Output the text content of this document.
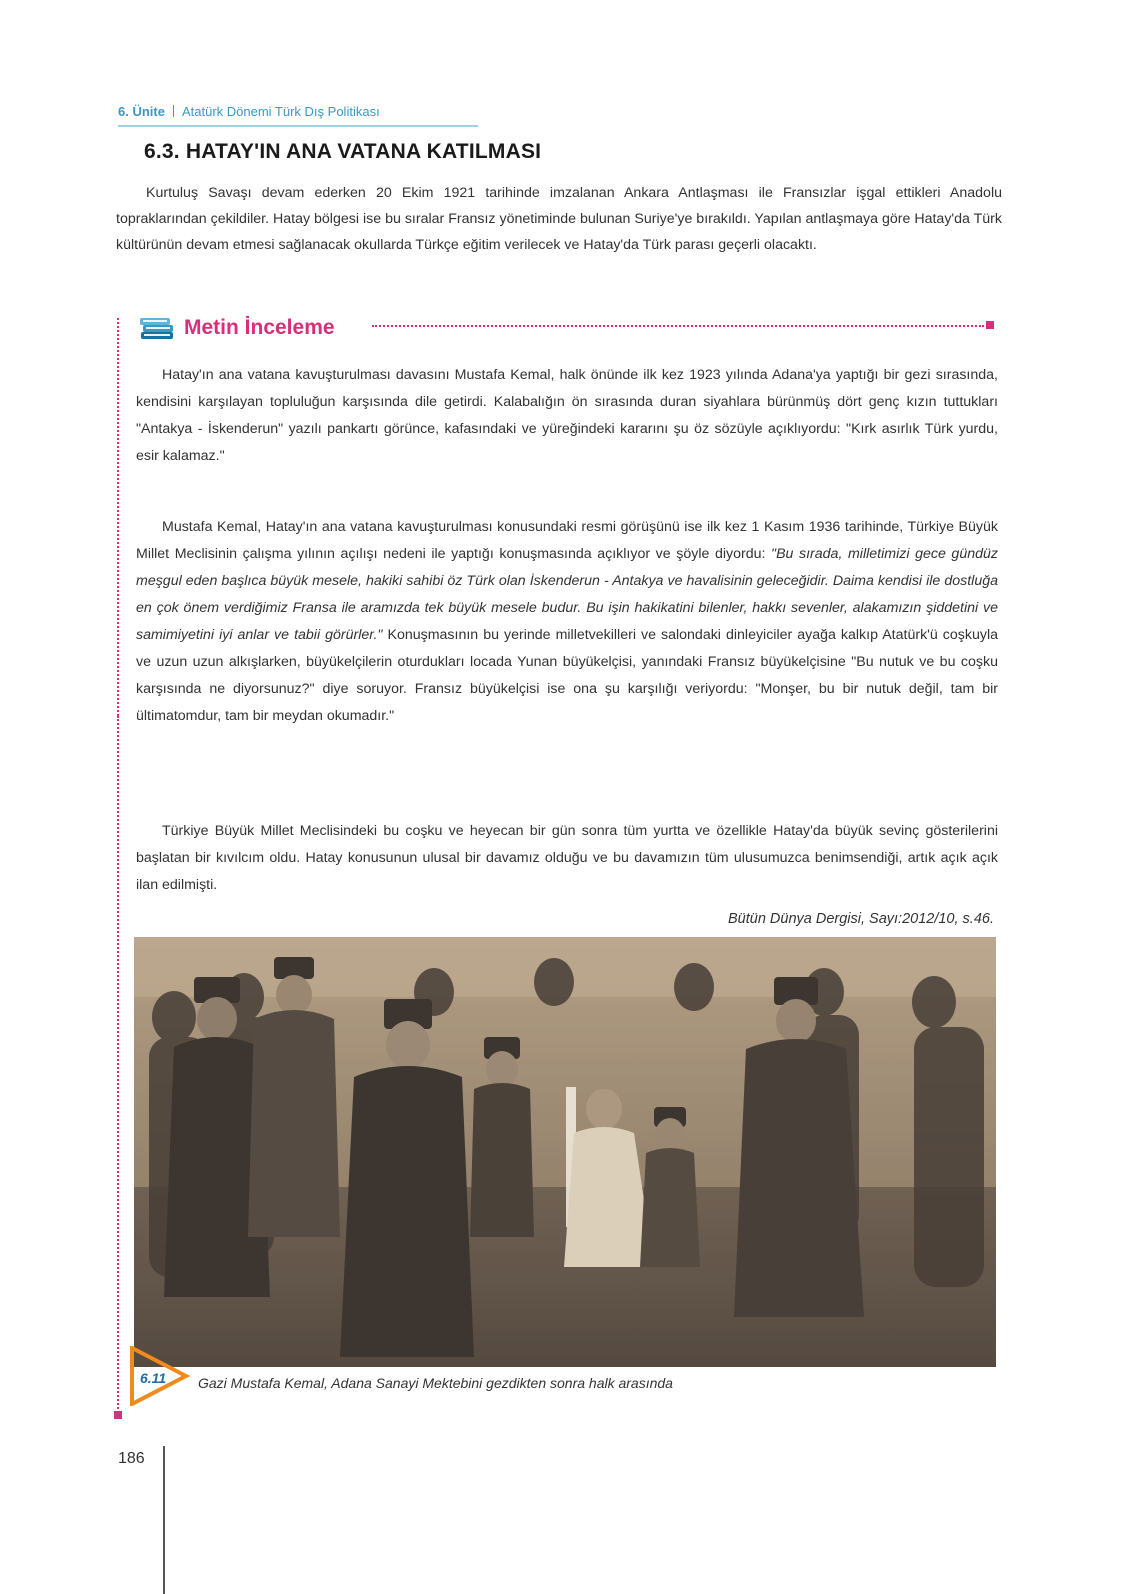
6. Ünite Atatürk Dönemi Türk Dış Politikası
6.3. HATAY'IN ANA VATANA KATILMASI

Kurtuluş Savaşı devam ederken 20 Ekim 1921 tarihinde imzalanan Ankara Antlaşması ile Fransızlar işgal ettikleri Anadolu topraklarından çekildiler. Hatay bölgesi ise bu sıralar Fransız yönetiminde bulunan Suriye'ye bırakıldı. Yapılan antlaşmaya göre Hatay'da Türk kültürünün devam etmesi sağlanacak okullarda Türkçe eğitim verilecek ve Hatay'da Türk parası geçerli olacaktı.

Metin İnceleme

Hatay'ın ana vatana kavuşturulması davasını Mustafa Kemal, halk önünde ilk kez 1923 yılında Adana'ya yaptığı bir gezi sırasında, kendisini karşılayan topluluğun karşısında dile getirdi. Kalabalığın ön sırasında duran siyahlara bürünmüş dört genç kızın tuttukları "Antakya - İskenderun" yazılı pankartı görünce, kafasındaki ve yüreğindeki kararını şu öz sözüyle açıklıyordu: "Kırk asırlık Türk yurdu, esir kalamaz."

Mustafa Kemal, Hatay'ın ana vatana kavuşturulması konusundaki resmi görüşünü ise ilk kez 1 Kasım 1936 tarihinde, Türkiye Büyük Millet Meclisinin çalışma yılının açılışı nedeni ile yaptığı konuşmasında açıklıyor ve şöyle diyordu: "Bu sırada, milletimizi gece gündüz meşgul eden başlıca büyük mesele, hakiki sahibi öz Türk olan İskenderun - Antakya ve havalisinin geleceğidir. Daima kendisi ile dostluğa en çok önem verdiğimiz Fransa ile aramızda tek büyük mesele budur. Bu işin hakikatini bilenler, hakkı sevenler, alakamızın şiddetini ve samimiyetini iyi anlar ve tabii görürler." Konuşmasının bu yerinde milletvekilleri ve salondaki dinleyiciler ayağa kalkıp Atatürk'ü coşkuyla ve uzun uzun alkışlarken, büyükelçilerin oturdukları locada Yunan büyükelçisi, yanındaki Fransız büyükelçisine "Bu nutuk ve bu coşku karşısında ne diyorsunuz?" diye soruyor. Fransız büyükelçisi ise ona şu karşılığı veriyordu: "Monşer, bu bir nutuk değil, tam bir ültimatomdur, tam bir meydan okumadır."

Türkiye Büyük Millet Meclisindeki bu coşku ve heyecan bir gün sonra tüm yurtta ve özellikle Hatay'da büyük sevinç gösterilerini başlatan bir kıvılcım oldu. Hatay konusunun ulusal bir davamız olduğu ve bu davamızın tüm ulusumuzca benimsendiği, artık açık açık ilan edilmişti.

Bütün Dünya Dergisi, Sayı:2012/10, s.46.

6.11 Gazi Mustafa Kemal, Adana Sanayi Mektebini gezdikten sonra halk arasında

186
